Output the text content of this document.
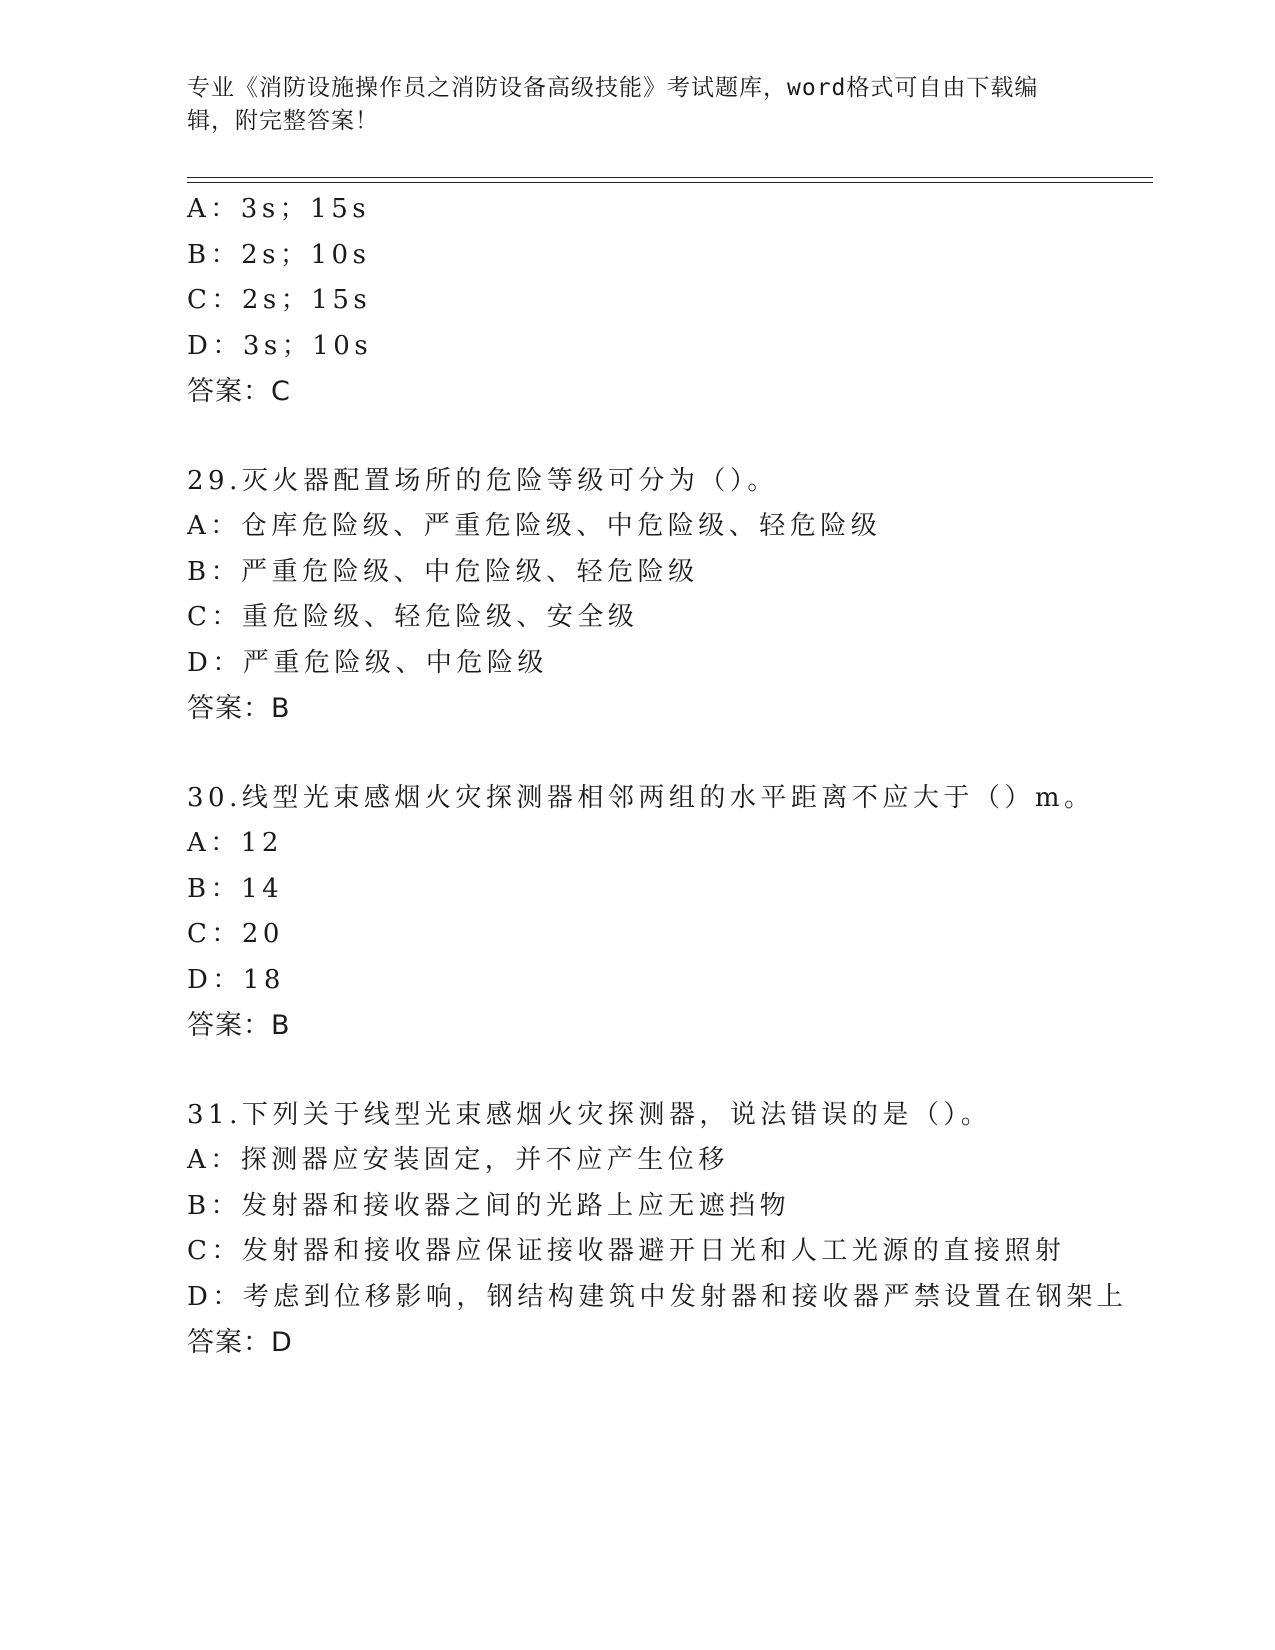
专业《消防设施操作员之消防设备高级技能》考试题库，word格式可自由下载编
辑，附完整答案！
A：3s；15s
B：2s；10s
C：2s；15s
D：3s；10s
答案：C
29.灭火器配置场所的危险等级可分为（）。
A：仓库危险级、严重危险级、中危险级、轻危险级
B：严重危险级、中危险级、轻危险级
C：重危险级、轻危险级、安全级
D：严重危险级、中危险级
答案：B
30.线型光束感烟火灾探测器相邻两组的水平距离不应大于（）m。
A：12
B：14
C：20
D：18
答案：B
31.下列关于线型光束感烟火灾探测器，说法错误的是（）。
A：探测器应安装固定，并不应产生位移
B：发射器和接收器之间的光路上应无遮挡物
C：发射器和接收器应保证接收器避开日光和人工光源的直接照射
D：考虑到位移影响，钢结构建筑中发射器和接收器严禁设置在钢架上
答案：D
